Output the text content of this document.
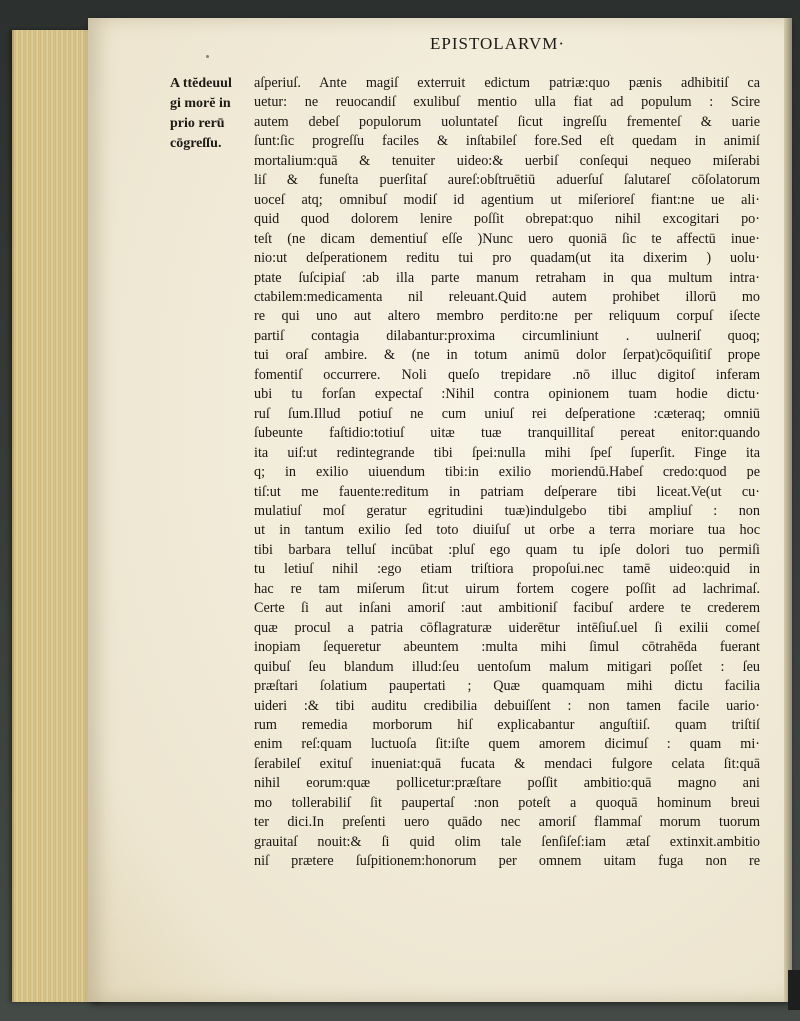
EPISTOLARVM·
A ttĕdeuul
gi morĕ in
prio rerū
cōgreſſu.
aſperiuſ. Ante magiſ exterruit edictum patriæ:quo pænis adhibitiſ ca
uetur: ne reuocandiſ exulibuſ mentio ulla fiat ad populum : Scire
autem debeſ populorum uoluntateſ ſicut ingreſſu frementeſ & uarie
ſunt:ſic progreſſu faciles & inſtabileſ fore.Sed eſt quedam in animiſ
mortalium:quā & tenuiter uideo:& uerbiſ conſequi nequeo miſerabi
liſ & funeſta puerſitaſ aureſ:obſtruētiū aduerſuſ ſalutareſ cōſolatorum
uoceſ atq; omnibuſ modiſ id agentium ut miſerioreſ fiant:ne ue ali·
quid quod dolorem lenire poſſit obrepat:quo nihil excogitari po·
teſt (ne dicam dementiuſ eſſe )Nunc uero quoniā ſic te affectū inue·
nio:ut deſperationem reditu tui pro quadam(ut ita dixerim ) uolu·
ptate ſuſcipiaſ :ab illa parte manum retraham in qua multum intra·
ctabilem:medicamenta nil releuant.Quid autem prohibet illorū mo
re qui uno aut altero membro perdito:ne per reliquum corpuſ iſecte
partiſ contagia dilabantur:proxima circumliniunt . uulneriſ quoq;
tui oraſ ambire. & (ne in totum animū dolor ſerpat)cōquiſitiſ prope
fomentiſ occurrere. Noli queſo trepidare .nō illuc digitoſ inferam
ubi tu forſan expectaſ :Nihil contra opinionem tuam hodie dictu·
ruſ ſum.Illud potiuſ ne cum uniuſ rei deſperatione :cæteraq; omniū
ſubeunte faſtidio:totiuſ uitæ tuæ tranquillitaſ pereat enitor:quando
ita uiſ:ut redintegrande tibi ſpei:nulla mihi ſpeſ ſuperſit. Finge ita
q; in exilio uiuendum tibi:in exilio moriendū.Habeſ credo:quod pe
tiſ:ut me fauente:reditum in patriam deſperare tibi liceat.Ve(ut cu·
mulatiuſ moſ geratur egritudini tuæ)indulgebo tibi ampliuſ : non
ut in tantum exilio ſed toto diuiſuſ ut orbe a terra moriare tua hoc
tibi barbara telluſ incūbat :pluſ ego quam tu ipſe dolori tuo permiſi
tu letiuſ nihil :ego etiam triſtiora propoſui.nec tamē uideo:quid in
hac re tam miſerum ſit:ut uirum fortem cogere poſſit ad lachrimaſ.
Certe ſi aut inſani amoriſ :aut ambitioniſ facibuſ ardere te crederem
quæ procul a patria cōflagraturæ uiderētur intēſiuſ.uel ſi exilii comeſ
inopiam ſequeretur abeuntem :multa mihi ſimul cōtrahēda fuerant
quibuſ ſeu blandum illud:ſeu uentoſum malum mitigari poſſet : ſeu
præſtari ſolatium paupertati ; Quæ quamquam mihi dictu facilia
uideri :& tibi auditu credibilia debuiſſent : non tamen facile uario·
rum remedia morborum hiſ explicabantur anguſtiiſ. quam triſtiſ
enim reſ:quam luctuoſa ſit:iſte quem amorem dicimuſ : quam mi·
ſerabileſ exituſ inueniat:quā fucata & mendaci fulgore celata ſit:quā
nihil eorum:quæ pollicetur:præſtare poſſit ambitio:quā magno ani
mo tollerabiliſ ſit paupertaſ :non poteſt a quoquā hominum breui
ter dici.In preſenti uero quādo nec amoriſ flammaſ morum tuorum
grauitaſ nouit:& ſi quid olim tale ſenſiſeſ:iam ætaſ extinxit.ambitio
niſ prætere ſuſpitionem:honorum per omnem uitam fuga non re
